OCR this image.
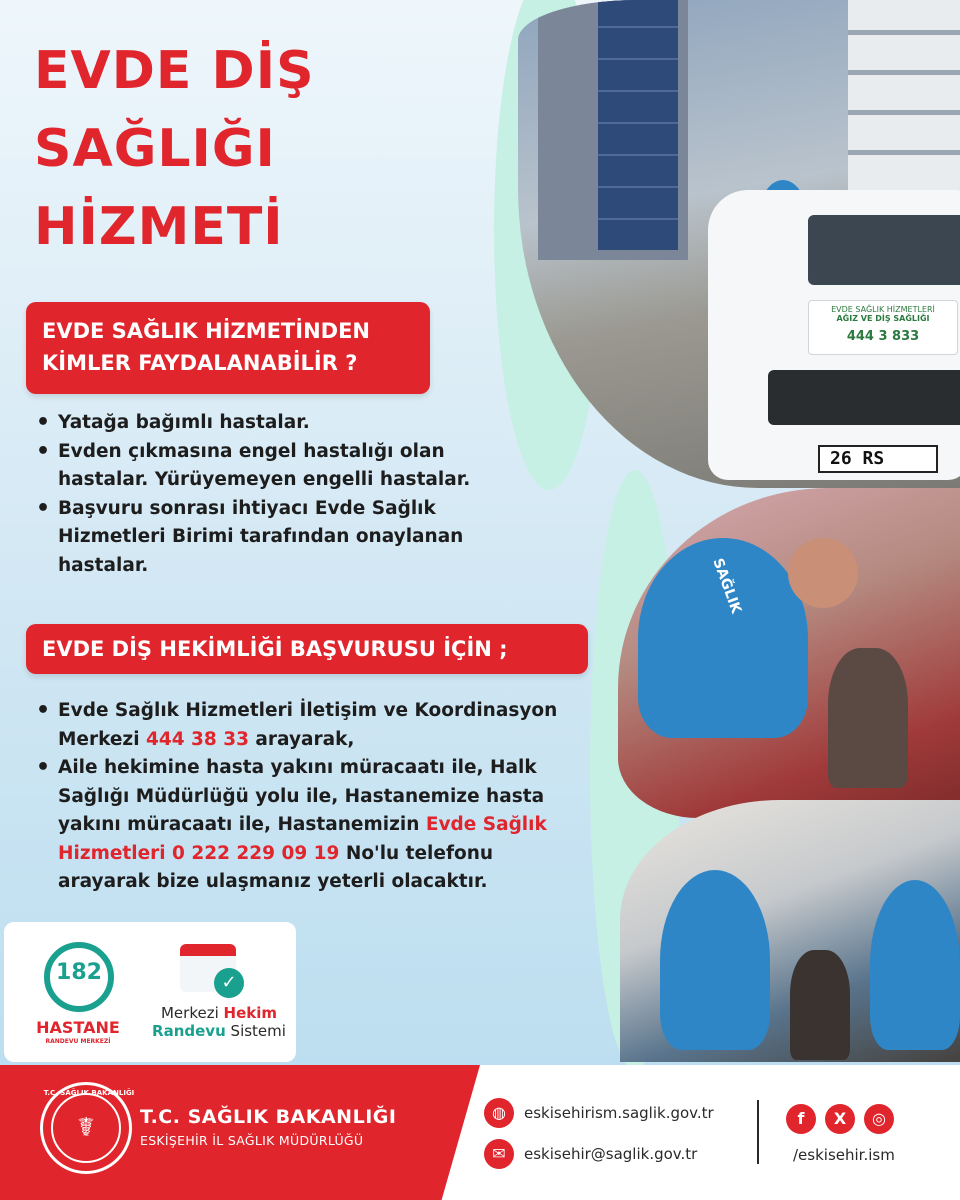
EVDE SAĞLIK HİZMETLERİ
AĞIZ VE DİŞ SAĞLIĞI
444 3 833
26 RS
SAĞLIK
EVDE DİŞ
SAĞLIĞI
HİZMETİ
EVDE SAĞLIK HİZMETİNDEN
KİMLER FAYDALANABİLİR ?
• Yatağa bağımlı hastalar.
• Evden çıkmasına engel hastalığı olan hastalar. Yürüyemeyen engelli hastalar.
• Başvuru sonrası ihtiyacı Evde Sağlık Hizmetleri Birimi tarafından onaylanan hastalar.
EVDE DİŞ HEKİMLİĞİ BAŞVURUSU İÇİN ;
• Evde Sağlık Hizmetleri İletişim ve Koordinasyon Merkezi 444 38 33 arayarak,
• Aile hekimine hasta yakını müracaatı ile, Halk Sağlığı Müdürlüğü yolu ile, Hastanemize hasta yakını müracaatı ile, Hastanemizin Evde Sağlık Hizmetleri 0 222 229 09 19 No'lu telefonu arayarak bize ulaşmanız yeterli olacaktır.
182
HASTANE
RANDEVU MERKEZİ
✓
Merkezi Hekim
Randevu Sistemi
T.C. SAĞLIK BAKANLIĞI
☤	T.C. SAĞLIK BAKANLIĞI
ESKİŞEHİR İL SAĞLIK MÜDÜRLÜĞÜ
◍	eskisehirism.saglik.gov.tr
✉	eskisehir@saglik.gov.tr
f	X	◎
/eskisehir.ism
